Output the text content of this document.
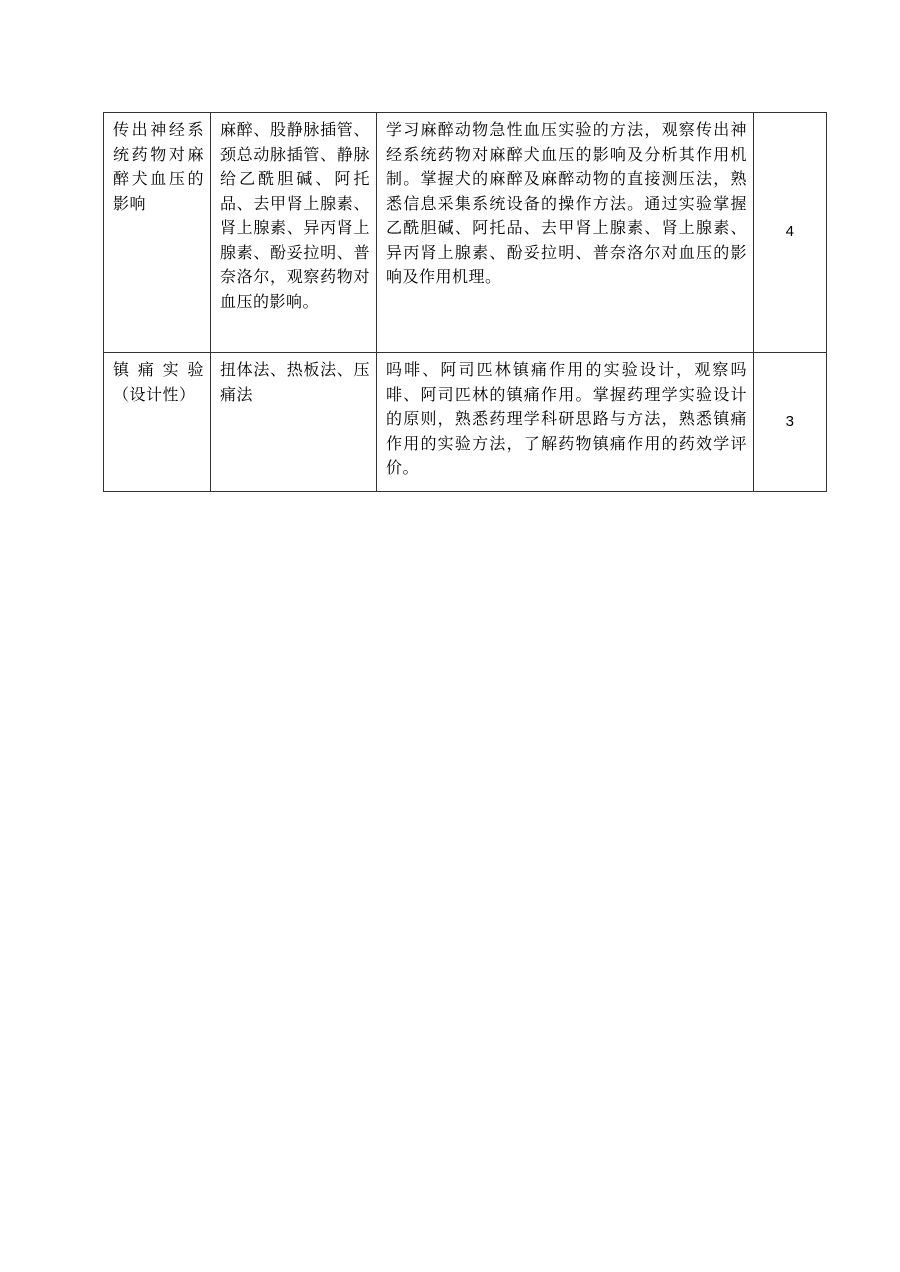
传出神经系统药物对麻醉犬血压的影响	麻醉、股静脉插管、颈总动脉插管、静脉给乙酰胆碱、阿托品、去甲肾上腺素、肾上腺素、异丙肾上腺素、酚妥拉明、普奈洛尔，观察药物对血压的影响。	学习麻醉动物急性血压实验的方法，观察传出神经系统药物对麻醉犬血压的影响及分析其作用机制。掌握犬的麻醉及麻醉动物的直接测压法，熟悉信息采集系统设备的操作方法。通过实验掌握乙酰胆碱、阿托品、去甲肾上腺素、肾上腺素、异丙肾上腺素、酚妥拉明、普奈洛尔对血压的影响及作用机理。	4
镇痛实验（设计性）	扭体法、热板法、压痛法	吗啡、阿司匹林镇痛作用的实验设计，观察吗啡、阿司匹林的镇痛作用。掌握药理学实验设计的原则，熟悉药理学科研思路与方法，熟悉镇痛作用的实验方法，了解药物镇痛作用的药效学评价。	3
